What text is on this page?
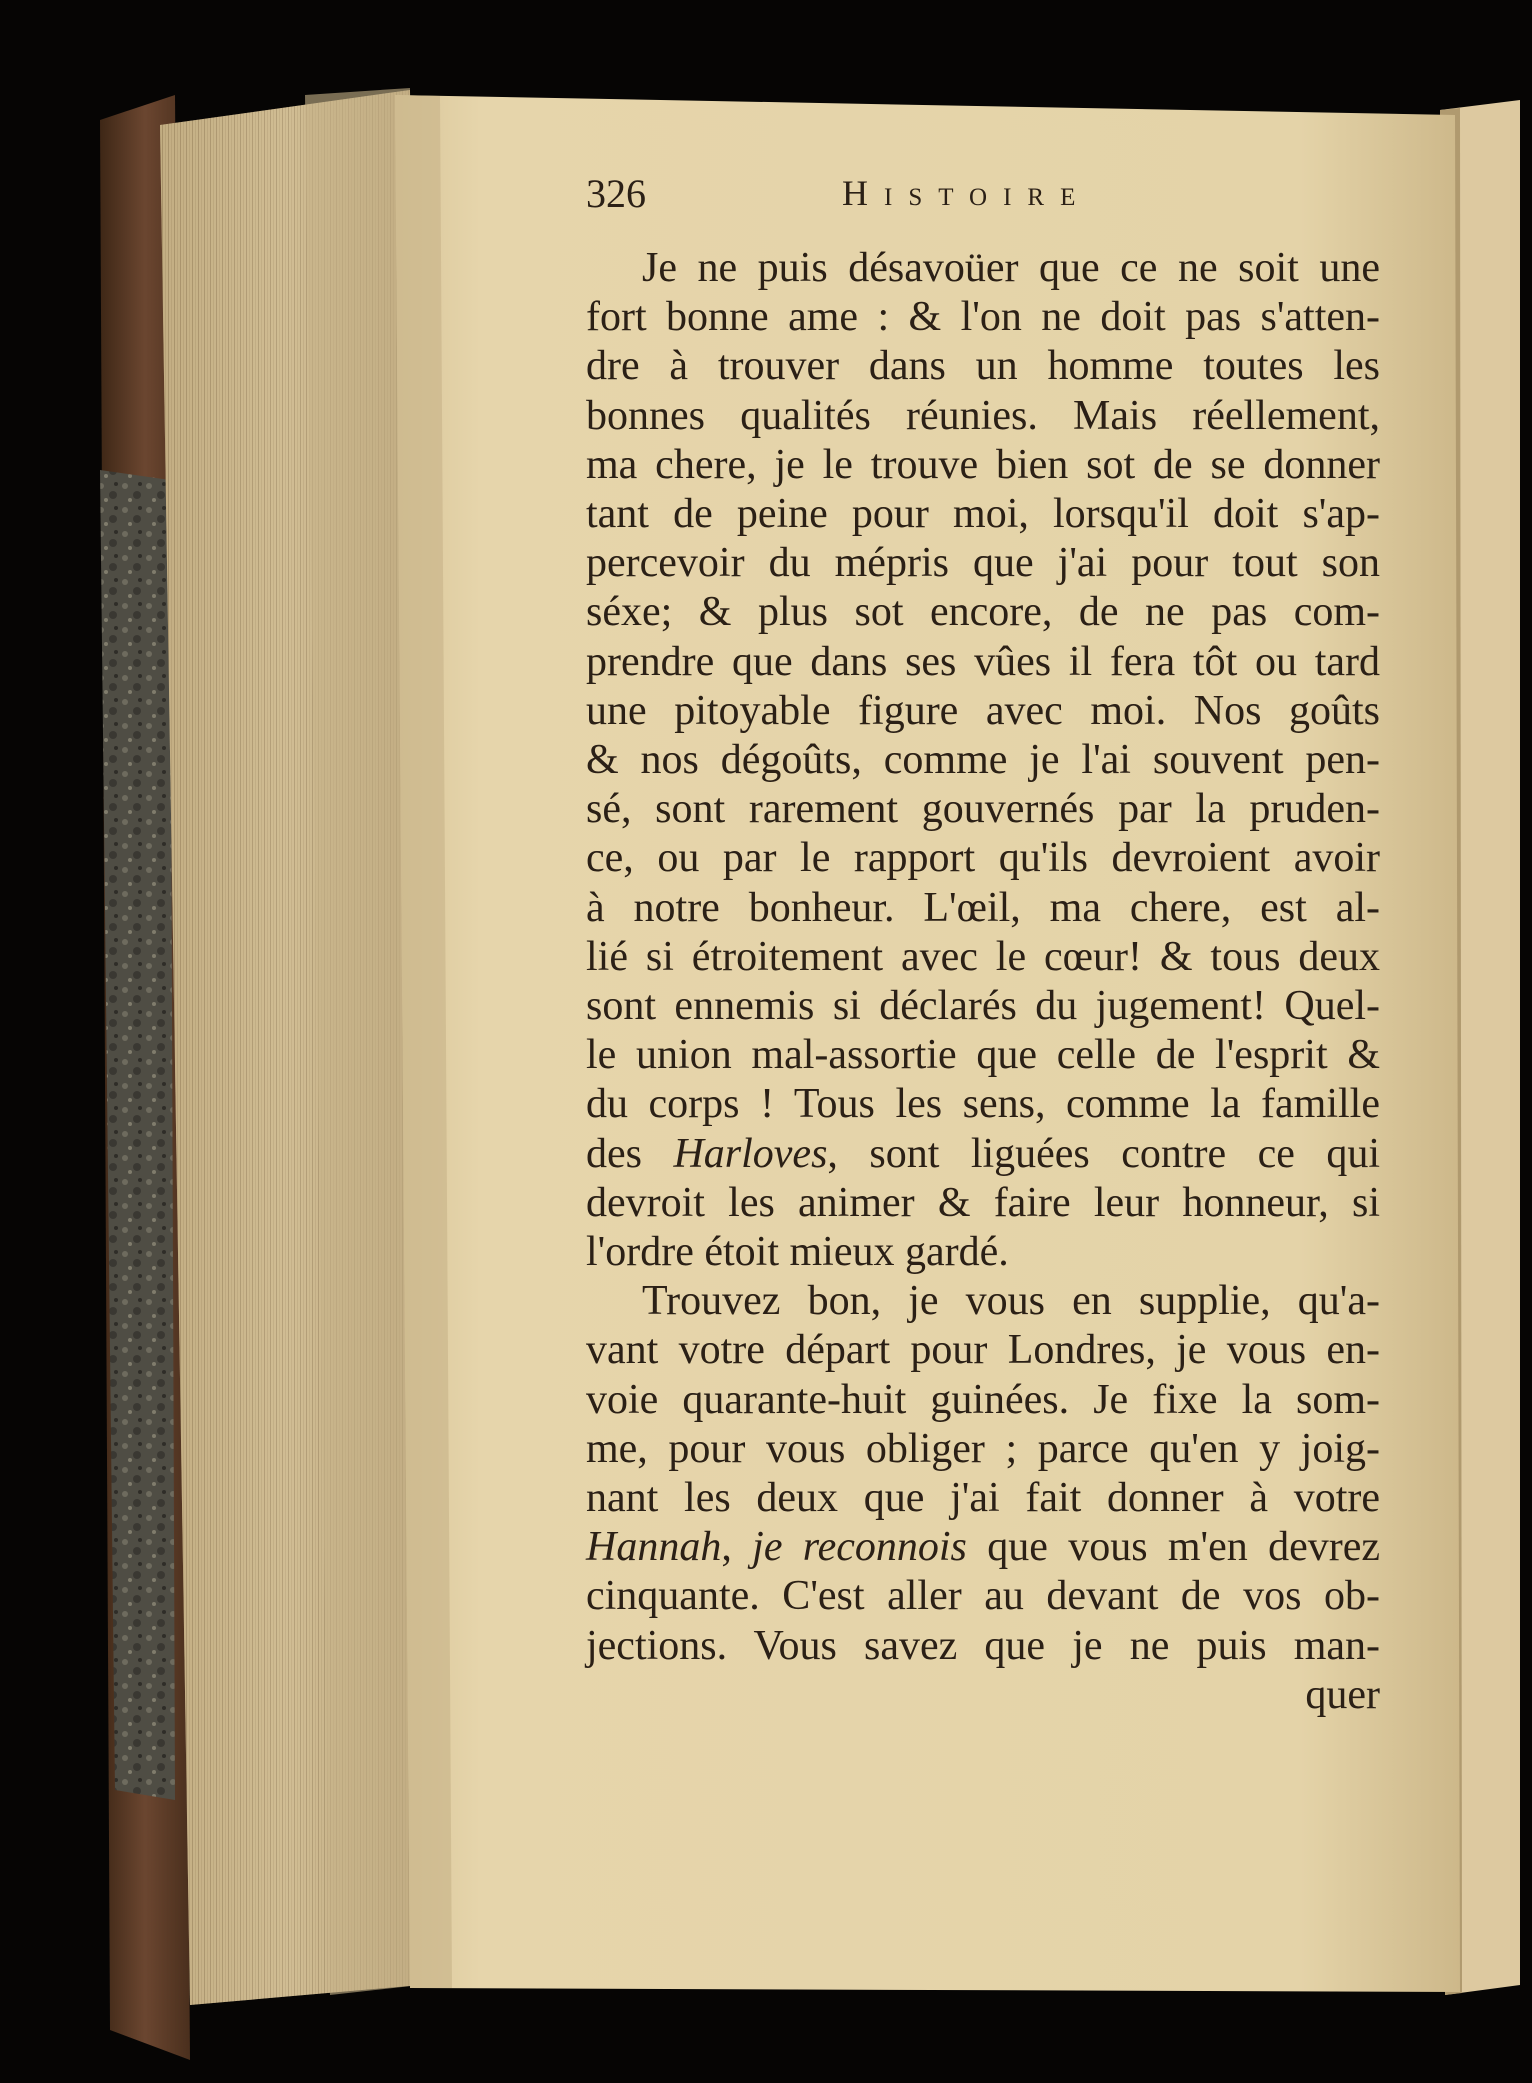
326	Histoire
Je ne puis désavoüer que ce ne soit une
fort bonne ame : & l'on ne doit pas s'atten-
dre à trouver dans un homme toutes les
bonnes qualités réunies. Mais réellement,
ma chere, je le trouve bien sot de se donner
tant de peine pour moi, lorsqu'il doit s'ap-
percevoir du mépris que j'ai pour tout son
séxe; & plus sot encore, de ne pas com-
prendre que dans ses vûes il fera tôt ou tard
une pitoyable figure avec moi. Nos goûts
& nos dégoûts, comme je l'ai souvent pen-
sé, sont rarement gouvernés par la pruden-
ce, ou par le rapport qu'ils devroient avoir
à notre bonheur. L'œil, ma chere, est al-
lié si étroitement avec le cœur! & tous deux
sont ennemis si déclarés du jugement! Quel-
le union mal-assortie que celle de l'esprit &
du corps ! Tous les sens, comme la famille
des Harloves, sont liguées contre ce qui
devroit les animer & faire leur honneur, si
l'ordre étoit mieux gardé.
Trouvez bon, je vous en supplie, qu'a-
vant votre départ pour Londres, je vous en-
voie quarante-huit guinées. Je fixe la som-
me, pour vous obliger ; parce qu'en y joig-
nant les deux que j'ai fait donner à votre
Hannah, je reconnois que vous m'en devrez
cinquante. C'est aller au devant de vos ob-
jections. Vous savez que je ne puis man-
quer
